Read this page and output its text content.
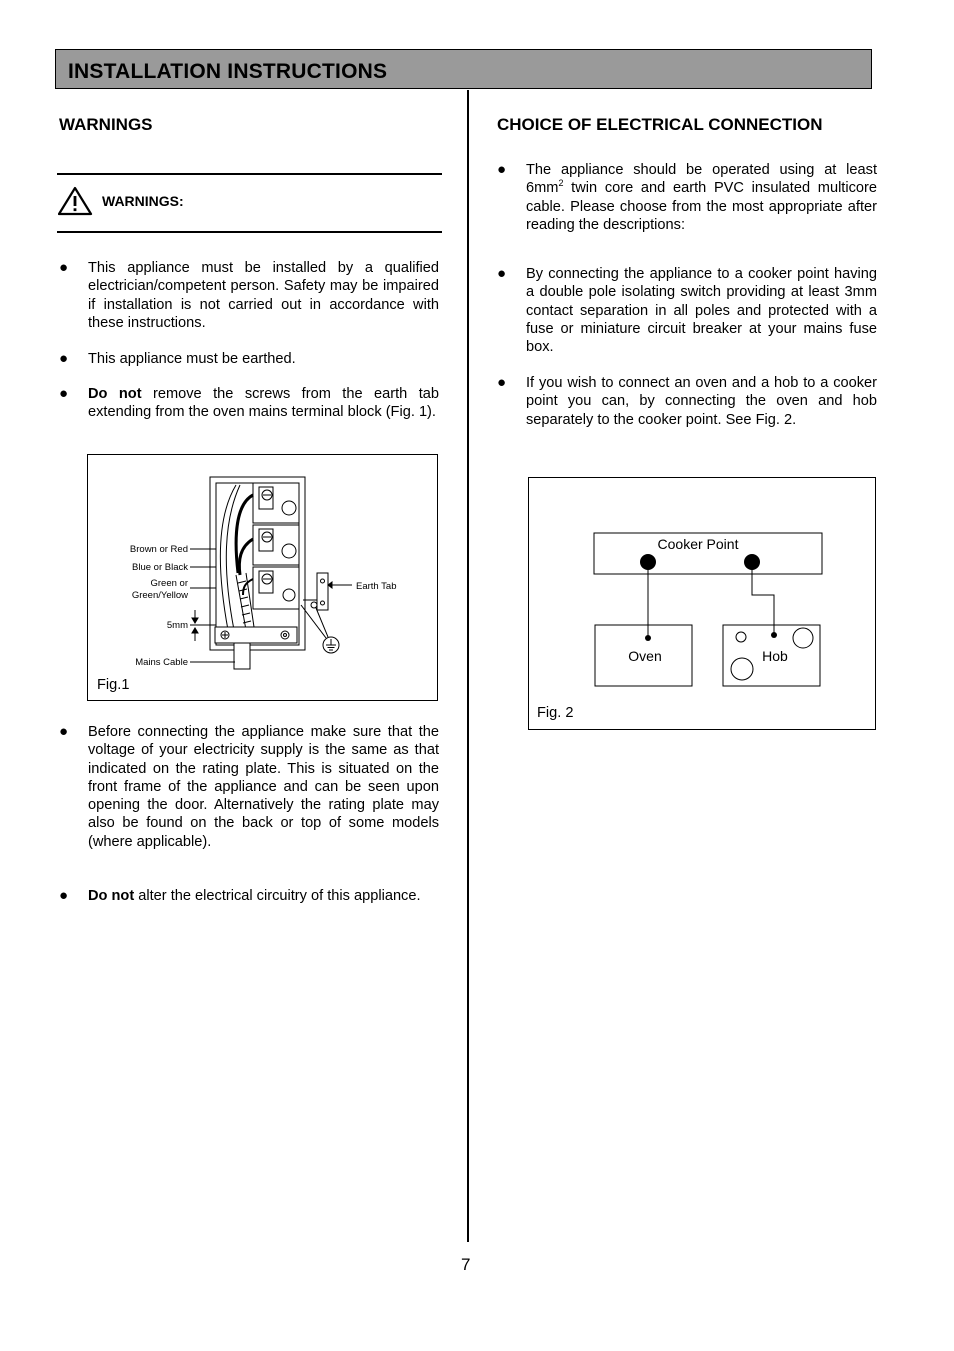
INSTALLATION INSTRUCTIONS
WARNINGS
WARNINGS:
● This appliance must be installed by a qualified electrician/competent person. Safety may be impaired if installation is not carried out in accordance with these instructions.

● This appliance must be earthed.

● Do not remove the screws from the earth tab extending from the oven mains terminal block (Fig. 1).

Brown or Red
Blue or Black
Green or
Green/Yellow
5mm
Mains Cable
Earth Tab
Fig.1
● Before connecting the appliance make sure that the voltage of your electricity supply is the same as that indicated on the rating plate. This is situated on the front frame of the appliance and can be seen upon opening the door. Alternatively the rating plate may also be found on the back or top of some models (where applicable).

● Do not alter the electrical circuitry of this appliance.

CHOICE OF ELECTRICAL CONNECTION
● The appliance should be operated using at least $6mm^2$ twin core and earth PVC insulated multicore cable. Please choose from the most appropriate after reading the descriptions:

● By connecting the appliance to a cooker point having a double pole isolating switch providing at least 3mm contact separation in all poles and protected with a fuse or miniature circuit breaker at your mains fuse box.

● If you wish to connect an oven and a hob to a cooker point you can, by connecting the oven and hob separately to the cooker point. See Fig. 2.

Cooker Point
Oven	Hob
Fig. 2
7
